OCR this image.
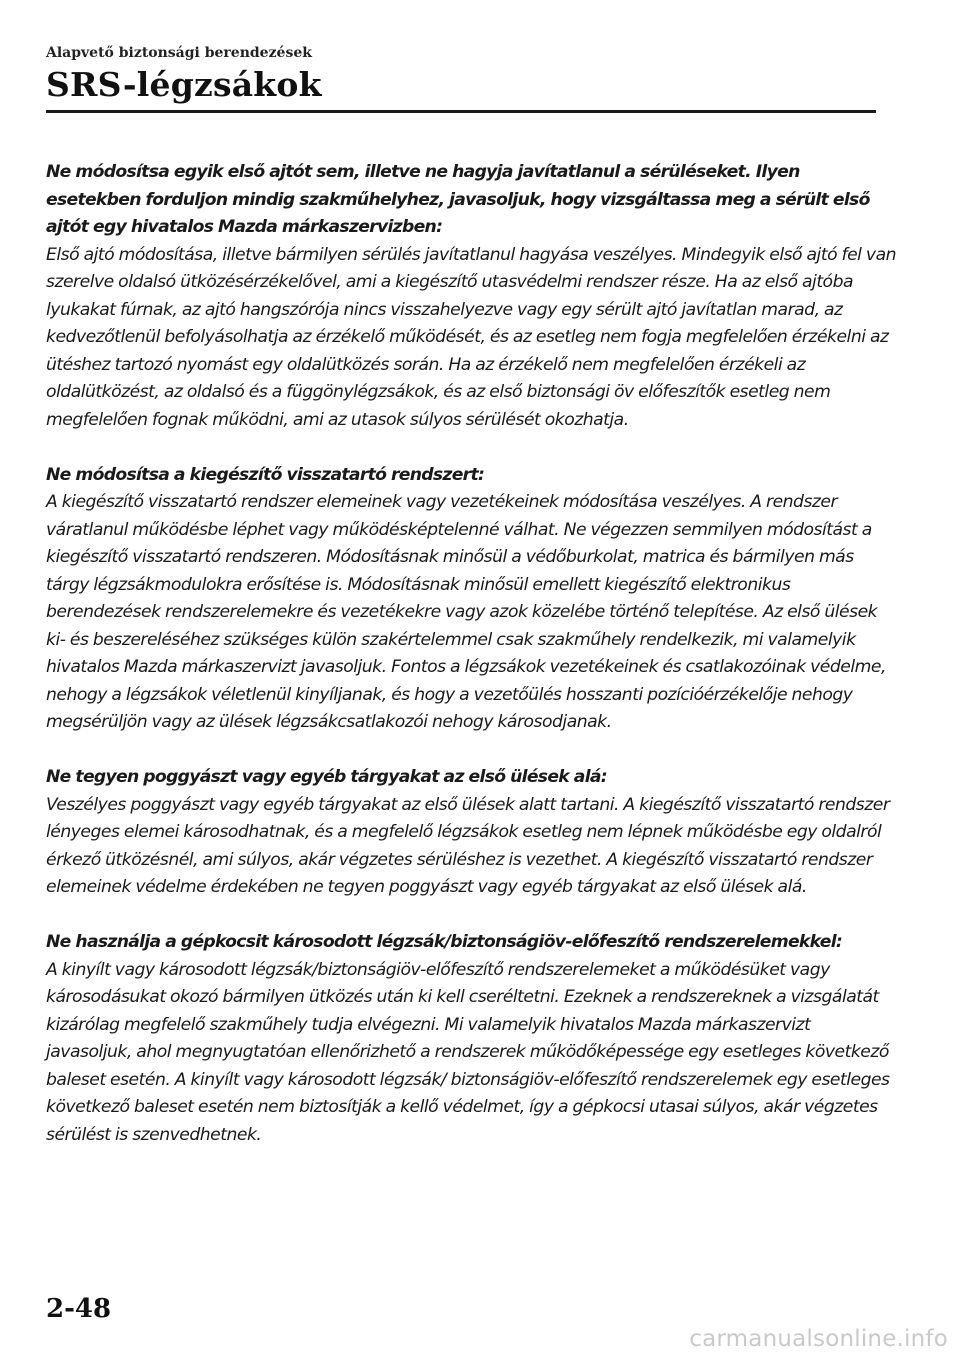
Alapvető biztonsági berendezések
SRS-légzsákok
Ne módosítsa egyik első ajtót sem, illetve ne hagyja javítatlanul a sérüléseket. Ilyen esetekben forduljon mindig szakműhelyhez, javasoljuk, hogy vizsgáltassa meg a sérült első ajtót egy hivatalos Mazda márkaszervizben:
Első ajtó módosítása, illetve bármilyen sérülés javítatlanul hagyása veszélyes. Mindegyik első ajtó fel van szerelve oldalsó ütközésérzékelővel, ami a kiegészítő utasvédelmi rendszer része. Ha az első ajtóba lyukakat fúrnak, az ajtó hangszórója nincs visszahelyezve vagy egy sérült ajtó javítatlan marad, az kedvezőtlenül befolyásolhatja az érzékelő működését, és az esetleg nem fogja megfelelően érzékelni az ütéshez tartozó nyomást egy oldalütközés során. Ha az érzékelő nem megfelelően érzékeli az oldalütközést, az oldalsó és a függönylégzsákok, és az első biztonsági öv előfeszítők esetleg nem megfelelően fognak működni, ami az utasok súlyos sérülését okozhatja.
Ne módosítsa a kiegészítő visszatartó rendszert:
A kiegészítő visszatartó rendszer elemeinek vagy vezetékeinek módosítása veszélyes. A rendszer váratlanul működésbe léphet vagy működésképtelenné válhat. Ne végezzen semmilyen módosítást a kiegészítő visszatartó rendszeren. Módosításnak minősül a védőburkolat, matrica és bármilyen más tárgy légzsákmodulokra erősítése is. Módosításnak minősül emellett kiegészítő elektronikus berendezések rendszerelemekre és vezetékekre vagy azok közelébe történő telepítése. Az első ülések ki- és beszereléséhez szükséges külön szakértelemmel csak szakműhely rendelkezik, mi valamelyik hivatalos Mazda márkaszervizt javasoljuk. Fontos a légzsákok vezetékeinek és csatlakozóinak védelme, nehogy a légzsákok véletlenül kinyíljanak, és hogy a vezetőülés hosszanti pozícióérzékelője nehogy megsérüljön vagy az ülések légzsákcsatlakozói nehogy károsodjanak.
Ne tegyen poggyászt vagy egyéb tárgyakat az első ülések alá:
Veszélyes poggyászt vagy egyéb tárgyakat az első ülések alatt tartani. A kiegészítő visszatartó rendszer lényeges elemei károsodhatnak, és a megfelelő légzsákok esetleg nem lépnek működésbe egy oldalról érkező ütközésnél, ami súlyos, akár végzetes sérüléshez is vezethet. A kiegészítő visszatartó rendszer elemeinek védelme érdekében ne tegyen poggyászt vagy egyéb tárgyakat az első ülések alá.
Ne használja a gépkocsit károsodott légzsák/biztonságiöv-előfeszítő rendszerelemekkel:
A kinyílt vagy károsodott légzsák/biztonságiöv-előfeszítő rendszerelemeket a működésüket vagy károsodásukat okozó bármilyen ütközés után ki kell cseréltetni. Ezeknek a rendszereknek a vizsgálatát kizárólag megfelelő szakműhely tudja elvégezni. Mi valamelyik hivatalos Mazda márkaszervizt javasoljuk, ahol megnyugtatóan ellenőrizhető a rendszerek működőképessége egy esetleges következő baleset esetén. A kinyílt vagy károsodott légzsák/ biztonságiöv-előfeszítő rendszerelemek egy esetleges következő baleset esetén nem biztosítják a kellő védelmet, így a gépkocsi utasai súlyos, akár végzetes sérülést is szenvedhetnek.
2-48
carmanualsonline.info
